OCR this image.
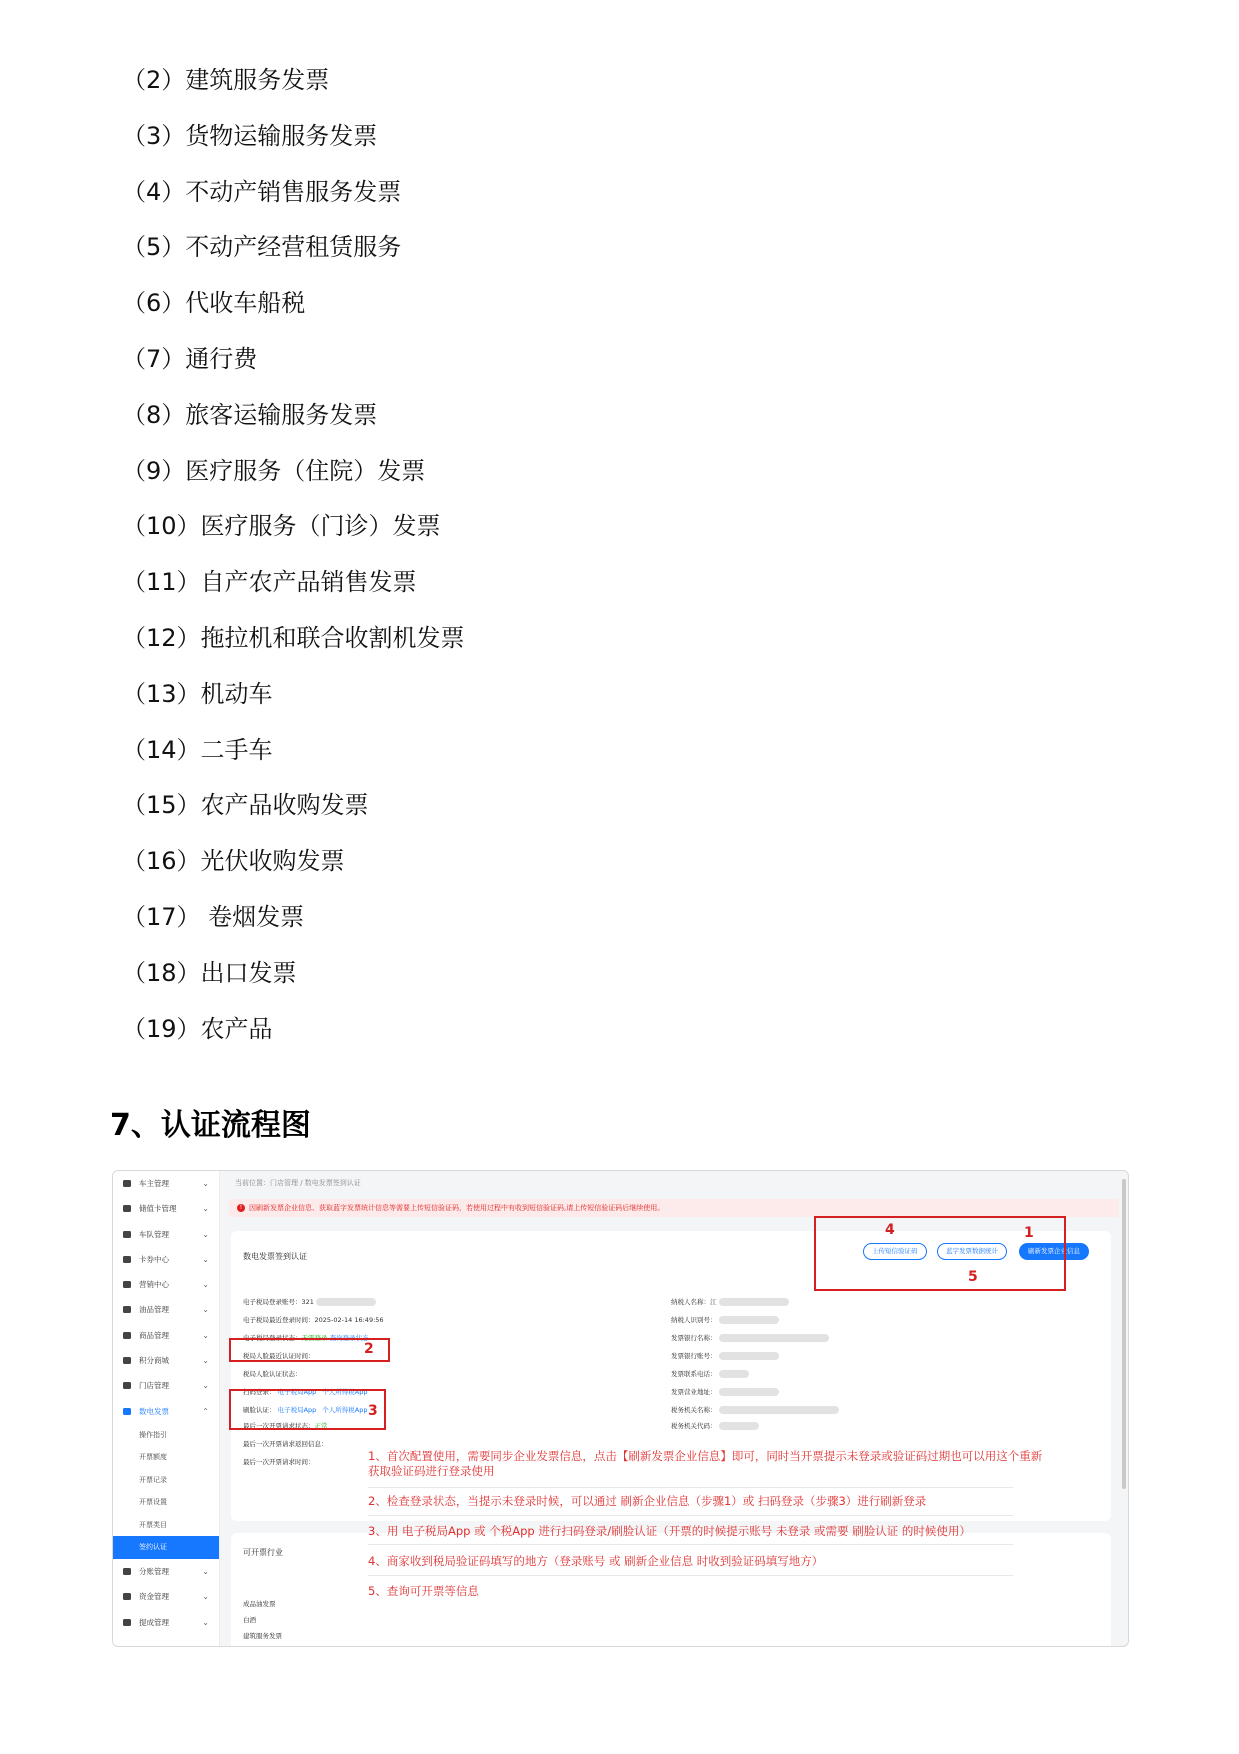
（2）建筑服务发票
（3）货物运输服务发票
（4）不动产销售服务发票
（5）不动产经营租赁服务
（6）代收车船税
（7）通行费
（8）旅客运输服务发票
（9）医疗服务（住院）发票
（10）医疗服务（门诊）发票
（11）自产农产品销售发票
（12）拖拉机和联合收割机发票
（13）机动车
（14）二手车
（15）农产品收购发票
（16）光伏收购发票
（17） 卷烟发票
（18）出口发票
（19）农产品
7、认证流程图
车主管理	⌄
储值卡管理	⌄
车队管理	⌄
卡券中心	⌄
营销中心	⌄
油品管理	⌄
商品管理	⌄
积分商城	⌄
门店管理	⌄
数电发票	⌃
操作指引
开票额度
开票记录
开票设置
开票类目
签约认证
分账管理	⌄
资金管理	⌄
提成管理	⌄
当前位置：门店管理 / 数电发票签到认证
! 因刷新发票企业信息、获取蓝字发票统计信息等需要上传短信验证码，若使用过程中有收到短信验证码,请上传短信验证码后继续使用。
数电发票签到认证
上传短信验证码	蓝字发票数据统计	刷新发票企业信息
电子税局登录账号：321
电子税局最近登录时间：2025-02-14 16:49:56
电子税局登录状态：无需登录 查询登录状态
税局人脸最近认证时间：
税局人脸认证状态：
扫码登录： 电子税局App 个人所得税App
刷脸认证： 电子税局App 个人所得税App
最后一次开票请求状态：正常
最后一次开票请求返回信息：
最后一次开票请求时间：
纳税人名称：江
纳税人识别号：
发票银行名称：
发票银行账号：
发票联系电话：
发票营业地址：
税务机关名称：
税务机关代码：
可开票行业
成品油发票
白酒
建筑服务发票
1
2
3
4
5
1、首次配置使用，需要同步企业发票信息，点击【刷新发票企业信息】即可，同时当开票提示未登录或验证码过期也可以用这个重新
获取验证码进行登录使用
2、检查登录状态，当提示未登录时候，可以通过 刷新企业信息（步骤1）或 扫码登录（步骤3）进行刷新登录
3、用 电子税局App 或 个税App 进行扫码登录/刷脸认证（开票的时候提示账号 未登录 或需要 刷脸认证 的时候使用）
4、商家收到税局验证码填写的地方（登录账号 或 刷新企业信息 时收到验证码填写地方）
5、查询可开票等信息
